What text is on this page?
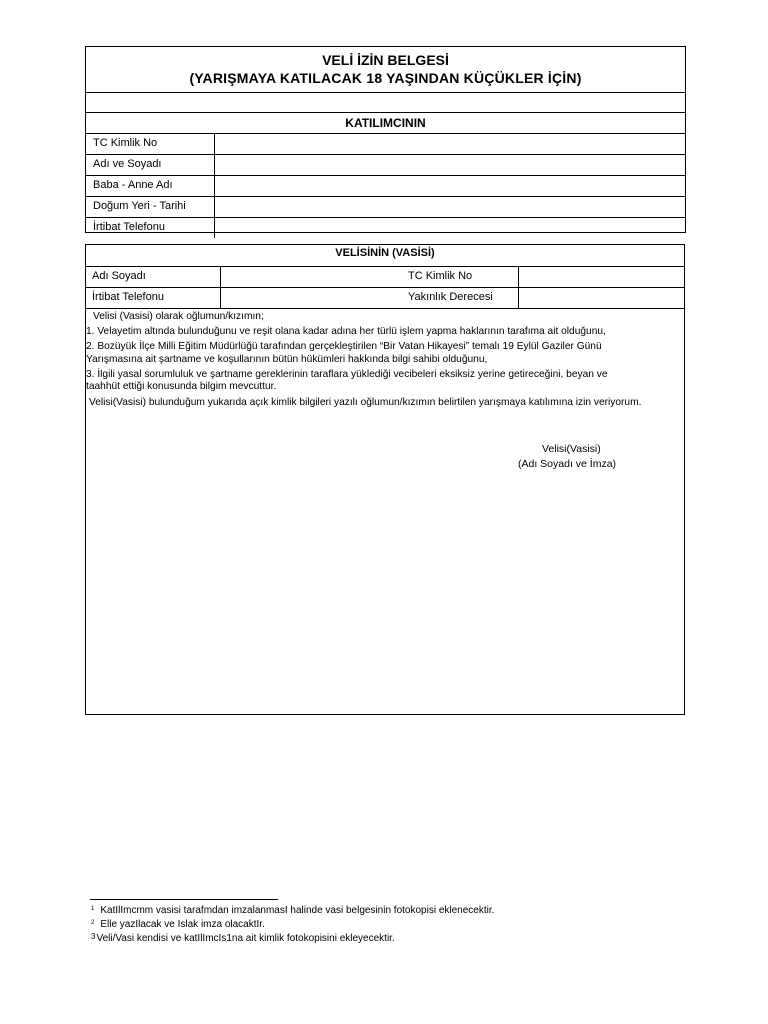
VELİ İZİN BELGESİ
(YARIŞMAYA KATILACAK 18 YAŞINDAN KÜÇÜKLER İÇİN)
KATILIMCININ
TC Kimlik No
Adı ve Soyadı
Baba - Anne Adı
Doğum Yeri - Tarihi
İrtibat Telefonu
VELİSİNİN (VASİSİ)
Adı Soyadı	TC Kimlik No
İrtibat Telefonu	Yakınlık Derecesi
Velisi (Vasisi) olarak oğlumun/kızımın;
1. Velayetim altında bulunduğunu ve reşit olana kadar adına her türlü işlem yapma haklarının tarafıma ait olduğunu,
2. Bozüyük İlçe Milli Eğitim Müdürlüğü tarafından gerçekleştirilen “Bir Vatan Hikayesi” temalı 19 Eylül Gaziler Günü
Yarışmasına ait şartname ve koşullarının bütün hükümleri hakkında bilgi sahibi olduğunu,
3. İlgili yasal sorumluluk ve şartname gereklerinin taraflara yüklediği vecibeleri eksiksiz yerine getireceğini, beyan ve
taahhüt ettiği konusunda bilgim mevcuttur.
Velisi(Vasisi) bulunduğum yukarıda açık kimlik bilgileri yazılı oğlumun/kızımın belirtilen yarışmaya katılımına izin veriyorum.
Velisi(Vasisi)
(Adı Soyadı ve İmza)
$^1$ KatIlImcmm vasisi tarafmdan imzalanmasI halinde vasi belgesinin fotokopisi eklenecektir.
$^2$ Elle yazIlacak ve Islak imza olacaktIr.
$^3$Veli/Vasi kendisi ve katIlImcIs1na ait kimlik fotokopisini ekleyecektir.
